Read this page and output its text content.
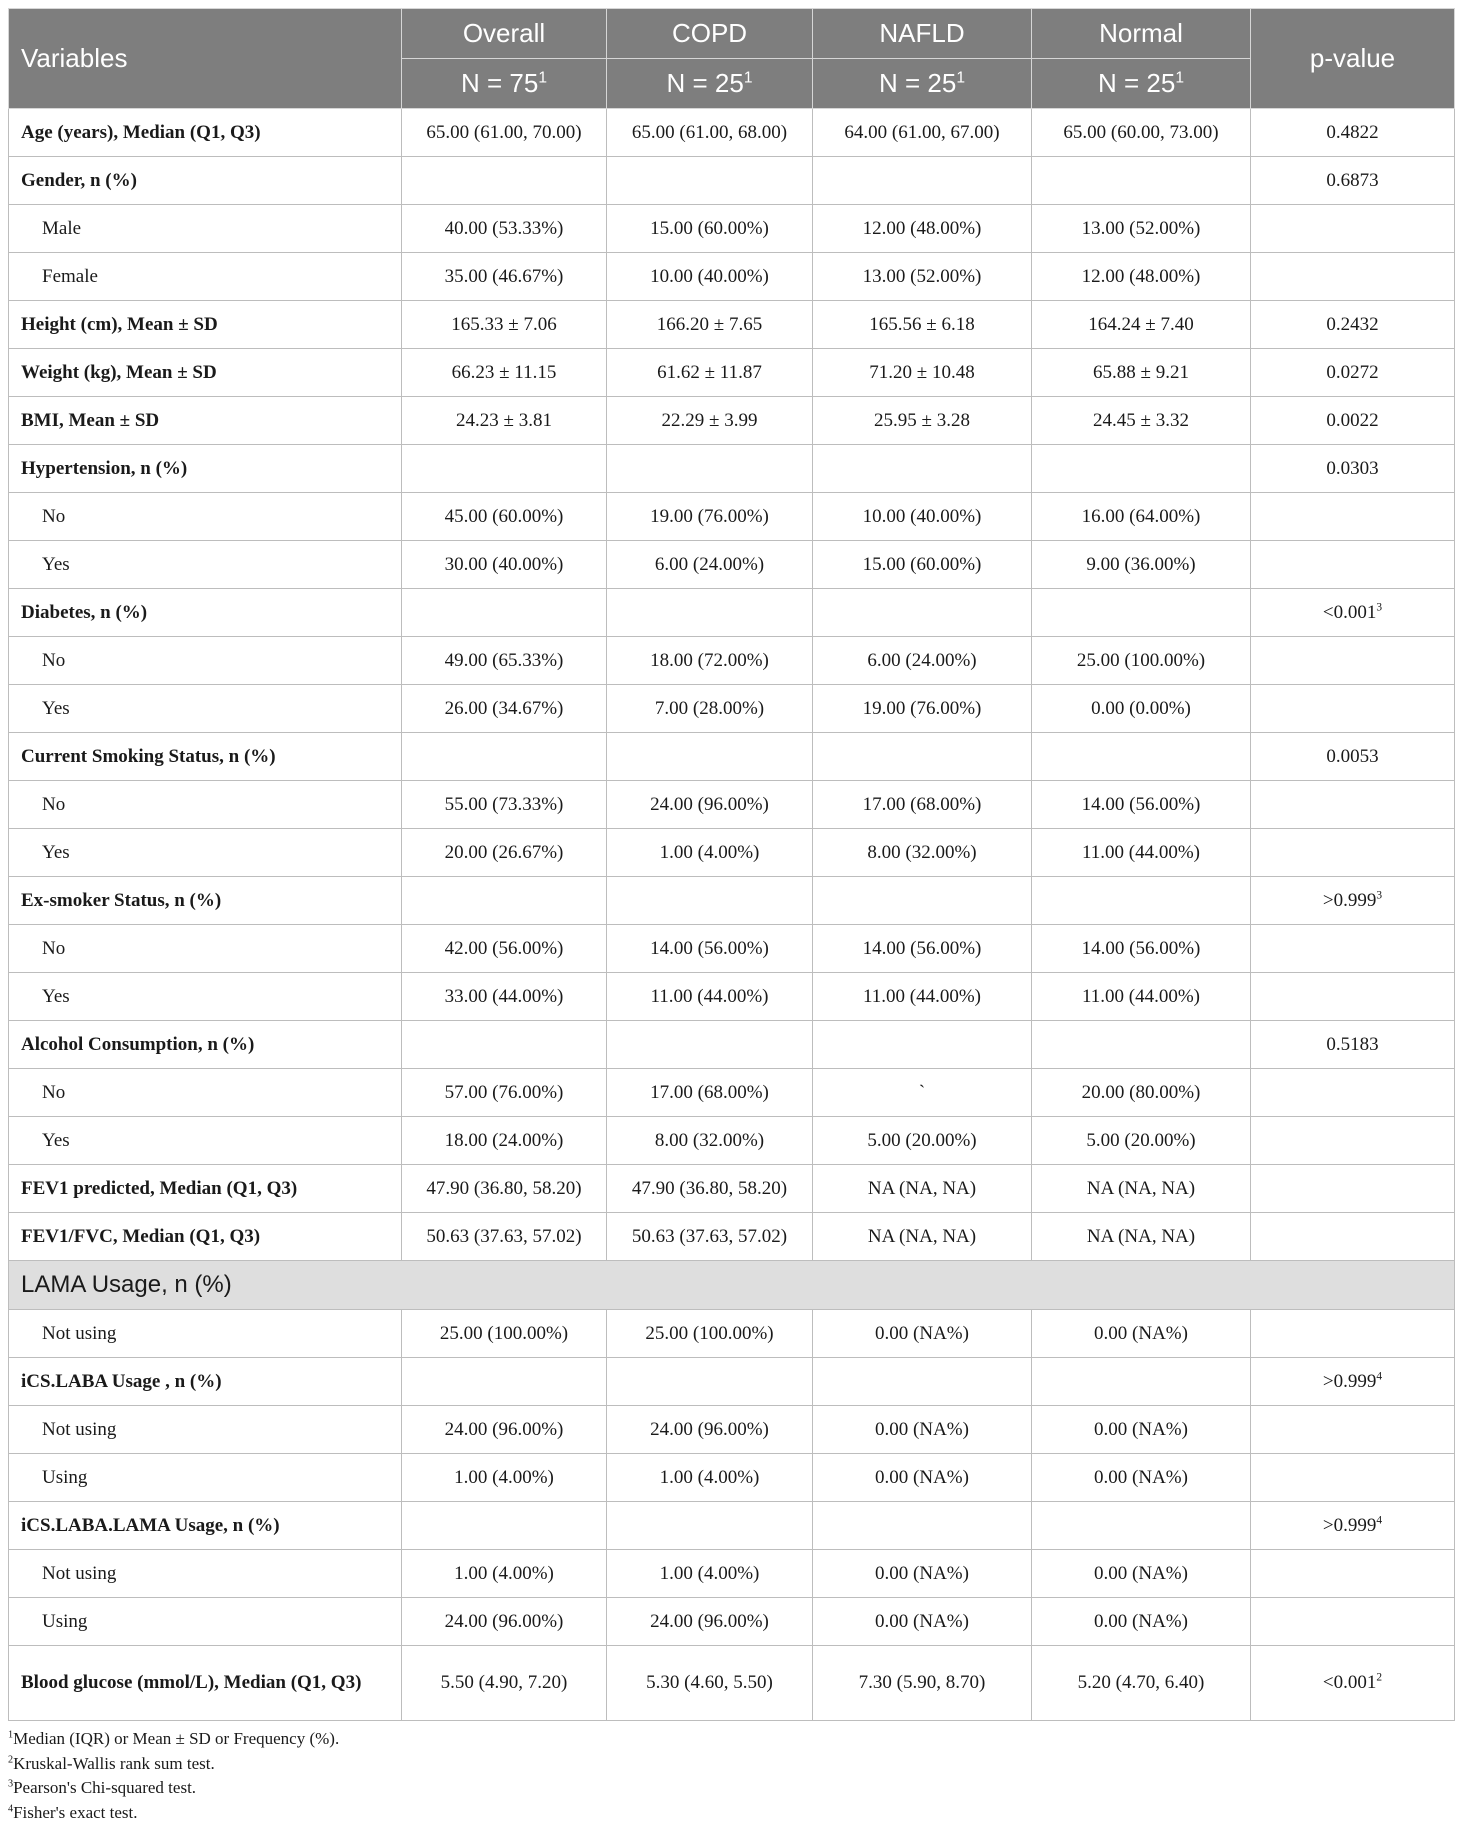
Variables	Overall	COPD	NAFLD	Normal	p-value
	$N = 75^1$	$N = 25^1$	$N = 25^1$	$N = 25^1$
Age (years), Median (Q1, Q3)	65.00 (61.00, 70.00)	65.00 (61.00, 68.00)	64.00 (61.00, 67.00)	65.00 (60.00, 73.00)	0.4822
Gender, n (%)					0.6873
Male	40.00 (53.33%)	15.00 (60.00%)	12.00 (48.00%)	13.00 (52.00%)	
Female	35.00 (46.67%)	10.00 (40.00%)	13.00 (52.00%)	12.00 (48.00%)	
Height (cm), Mean ± SD	165.33 ± 7.06	166.20 ± 7.65	165.56 ± 6.18	164.24 ± 7.40	0.2432
Weight (kg), Mean ± SD	66.23 ± 11.15	61.62 ± 11.87	71.20 ± 10.48	65.88 ± 9.21	0.0272
BMI, Mean ± SD	24.23 ± 3.81	22.29 ± 3.99	25.95 ± 3.28	24.45 ± 3.32	0.0022
Hypertension, n (%)					0.0303
No	45.00 (60.00%)	19.00 (76.00%)	10.00 (40.00%)	16.00 (64.00%)	
Yes	30.00 (40.00%)	6.00 (24.00%)	15.00 (60.00%)	9.00 (36.00%)	
Diabetes, n (%)					$<0.001^3$
No	49.00 (65.33%)	18.00 (72.00%)	6.00 (24.00%)	25.00 (100.00%)	
Yes	26.00 (34.67%)	7.00 (28.00%)	19.00 (76.00%)	0.00 (0.00%)	
Current Smoking Status, n (%)					0.0053
No	55.00 (73.33%)	24.00 (96.00%)	17.00 (68.00%)	14.00 (56.00%)	
Yes	20.00 (26.67%)	1.00 (4.00%)	8.00 (32.00%)	11.00 (44.00%)	
Ex-smoker Status, n (%)					$>0.999^3$
No	42.00 (56.00%)	14.00 (56.00%)	14.00 (56.00%)	14.00 (56.00%)	
Yes	33.00 (44.00%)	11.00 (44.00%)	11.00 (44.00%)	11.00 (44.00%)	
Alcohol Consumption, n (%)					0.5183
No	57.00 (76.00%)	17.00 (68.00%)	`	20.00 (80.00%)	
Yes	18.00 (24.00%)	8.00 (32.00%)	5.00 (20.00%)	5.00 (20.00%)	
FEV1 predicted, Median (Q1, Q3)	47.90 (36.80, 58.20)	47.90 (36.80, 58.20)	NA (NA, NA)	NA (NA, NA)	
FEV1/FVC, Median (Q1, Q3)	50.63 (37.63, 57.02)	50.63 (37.63, 57.02)	NA (NA, NA)	NA (NA, NA)	
LAMA Usage, n (%)					
Not using	25.00 (100.00%)	25.00 (100.00%)	0.00 (NA%)	0.00 (NA%)	
iCS.LABA Usage , n (%)					$>0.999^4$
Not using	24.00 (96.00%)	24.00 (96.00%)	0.00 (NA%)	0.00 (NA%)	
Using	1.00 (4.00%)	1.00 (4.00%)	0.00 (NA%)	0.00 (NA%)	
iCS.LABA.LAMA Usage, n (%)					$>0.999^4$
Not using	1.00 (4.00%)	1.00 (4.00%)	0.00 (NA%)	0.00 (NA%)	
Using	24.00 (96.00%)	24.00 (96.00%)	0.00 (NA%)	0.00 (NA%)	
Blood glucose (mmol/L), Median (Q1, Q3)	5.50 (4.90, 7.20)	5.30 (4.60, 5.50)	7.30 (5.90, 8.70)	5.20 (4.70, 6.40)	$<0.001^2$
$^1$Median (IQR) or Mean ± SD or Frequency (%).
$^2$Kruskal-Wallis rank sum test.
$^3$Pearson's Chi-squared test.
$^4$Fisher's exact test.
